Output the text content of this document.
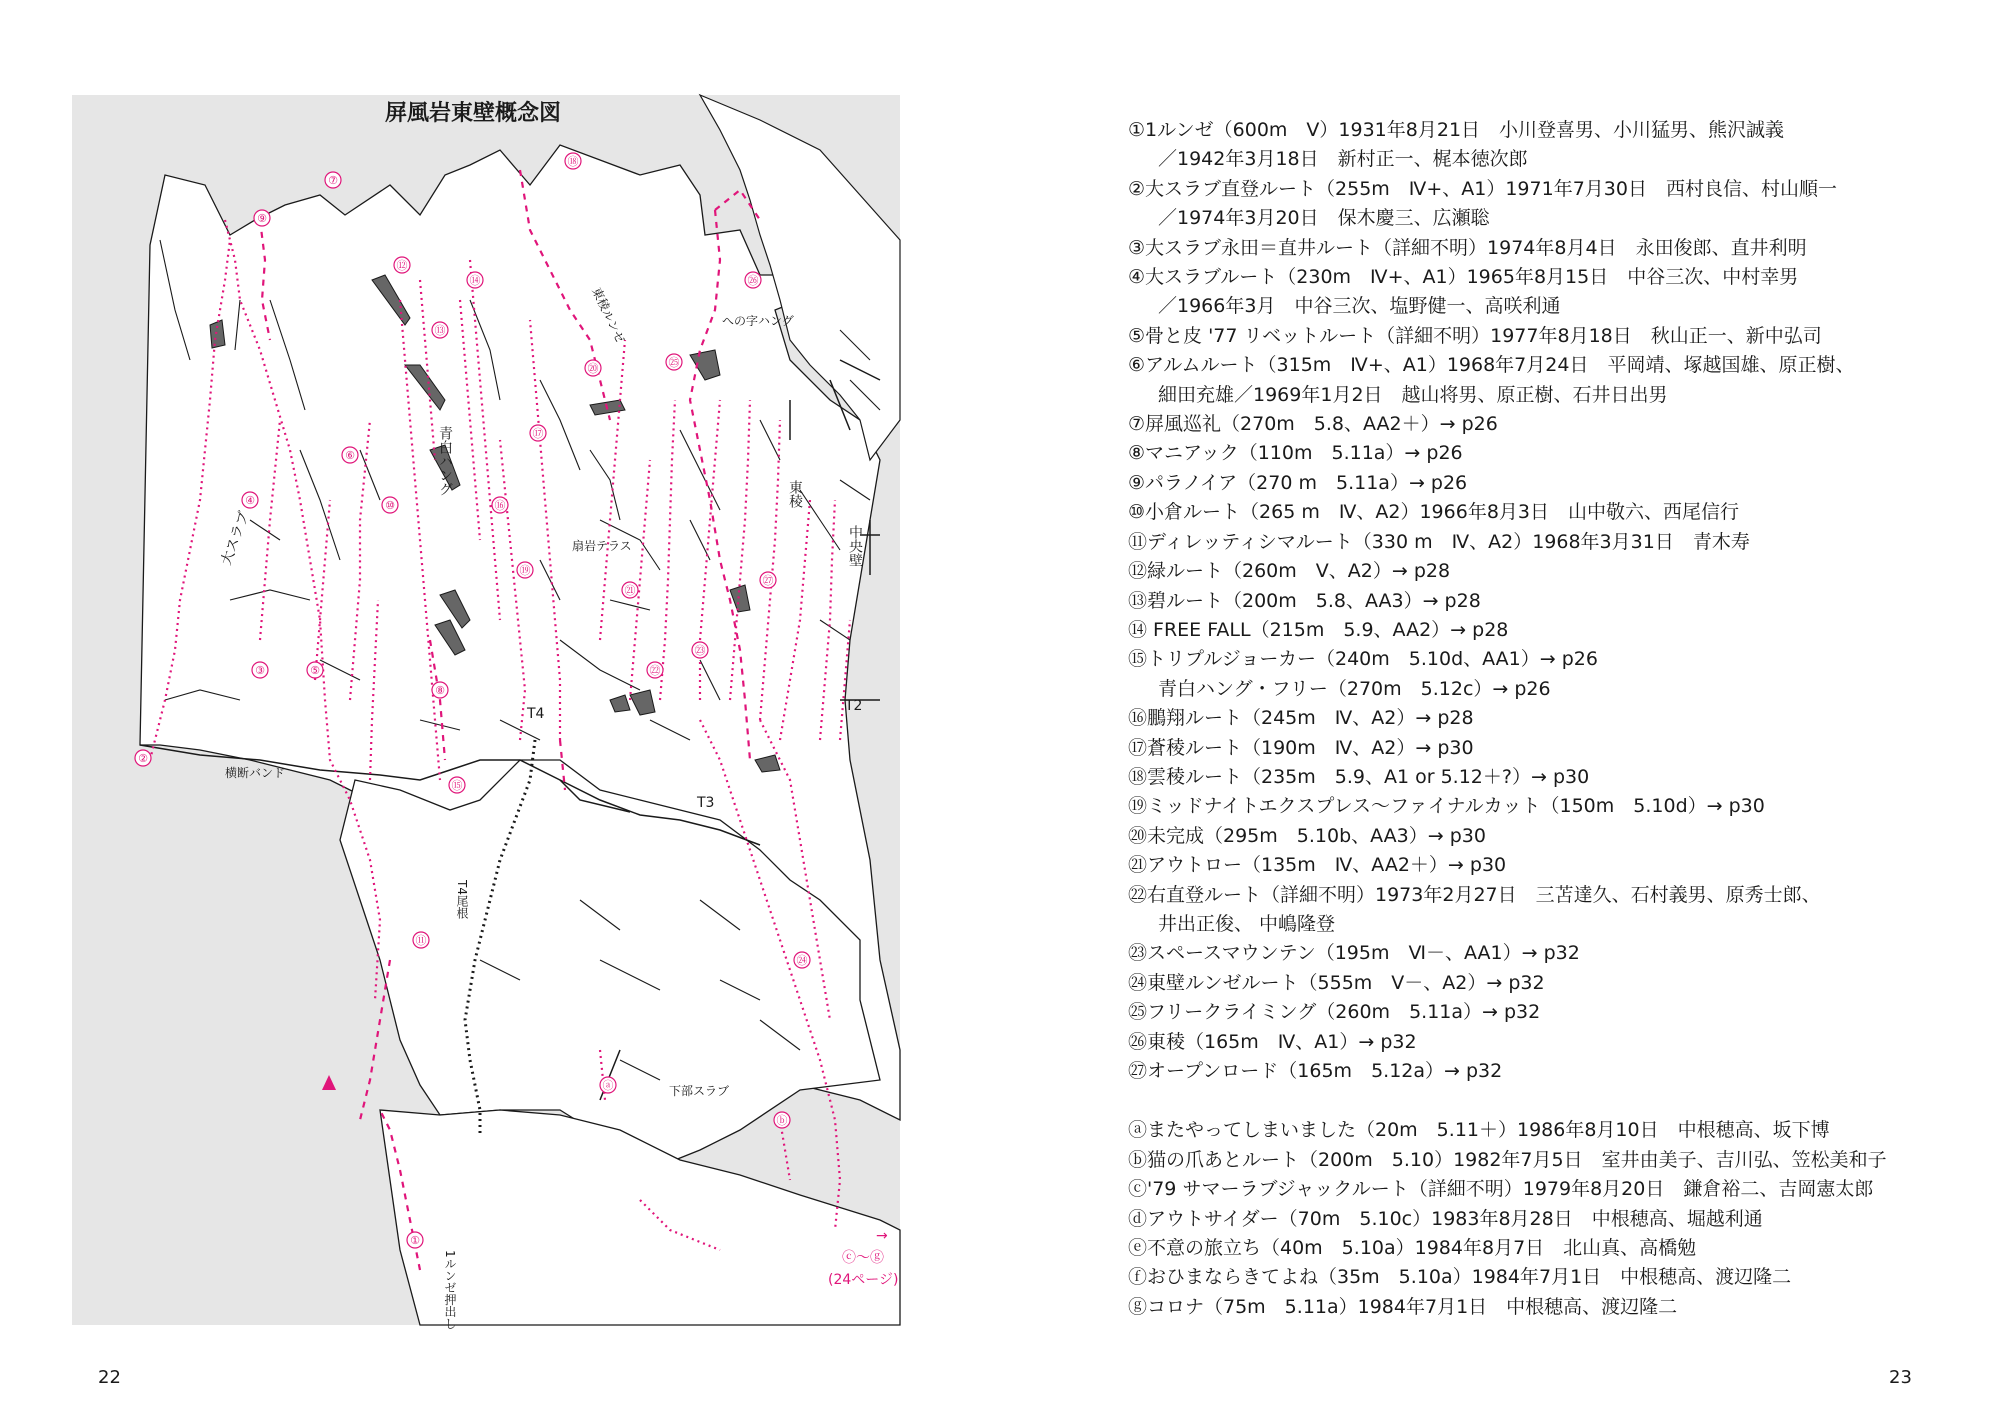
①
②
③
④
⑤
⑥
⑦
⑧
⑨
⑩
⑪
⑫
⑬
⑭
⑮
⑯
⑰
⑱
⑲
⑳
㉑
㉒
㉓
㉔
㉕
㉖
㉗
ⓐ
ⓑ
屏風岩東壁概念図
大スラブ
青白ハング
扇岩テラス
東稜
中央壁
東稜ルンゼ	への字ハング
横断バンド
T4
T4尾根
T3
T2
下部スラブ
1ルンゼ押出し
→
ⓒ～ⓖ
(24ページ)
22
①1ルンゼ（600m　Ⅴ）1931年8月21日　小川登喜男、小川猛男、熊沢誠義
／1942年3月18日　新村正一、梶本徳次郎
②大スラブ直登ルート（255m　Ⅳ+、A1）1971年7月30日　西村良信、村山順一
／1974年3月20日　保木慶三、広瀬聡
③大スラブ永田＝直井ルート（詳細不明）1974年8月4日　永田俊郎、直井利明
④大スラブルート（230m　Ⅳ+、A1）1965年8月15日　中谷三次、中村幸男
／1966年3月　中谷三次、塩野健一、高咲利通
⑤骨と皮 '77 リベットルート（詳細不明）1977年8月18日　秋山正一、新中弘司
⑥アルムルート（315m　Ⅳ+、A1）1968年7月24日　平岡靖、塚越国雄、原正樹、
細田充雄／1969年1月2日　越山将男、原正樹、石井日出男
⑦屏風巡礼（270m　5.8、AA2＋）→ p26
⑧マニアック（110m　5.11a）→ p26
⑨パラノイア（270 m　5.11a）→ p26
⑩小倉ルート（265 m　Ⅳ、A2）1966年8月3日　山中敬六、西尾信行
⑪ディレッティシマルート（330 m　Ⅳ、A2）1968年3月31日　青木寿
⑫緑ルート（260m　Ⅴ、A2）→ p28
⑬碧ルート（200m　5.8、AA3）→ p28
⑭ FREE FALL（215m　5.9、AA2）→ p28
⑮トリプルジョーカー（240m　5.10d、AA1）→ p26
青白ハング・フリー（270m　5.12c）→ p26
⑯鵬翔ルート（245m　Ⅳ、A2）→ p28
⑰蒼稜ルート（190m　Ⅳ、A2）→ p30
⑱雲稜ルート（235m　5.9、A1 or 5.12＋?）→ p30
⑲ミッドナイトエクスプレス～ファイナルカット（150m　5.10d）→ p30
⑳未完成（295m　5.10b、AA3）→ p30
㉑アウトロー（135m　Ⅳ、AA2＋）→ p30
㉒右直登ルート（詳細不明）1973年2月27日　三苫達久、石村義男、原秀士郎、
井出正俊、 中嶋隆登
㉓スペースマウンテン（195m　Ⅵ－、AA1）→ p32
㉔東壁ルンゼルート（555m　Ⅴ－、A2）→ p32
㉕フリークライミング（260m　5.11a）→ p32
㉖東稜（165m　Ⅳ、A1）→ p32
㉗オープンロード（165m　5.12a）→ p32
ⓐまたやってしまいました（20m　5.11＋）1986年8月10日　中根穂高、坂下博
ⓑ猫の爪あとルート（200m　5.10）1982年7月5日　室井由美子、吉川弘、笠松美和子
ⓒ'79 サマーラブジャックルート（詳細不明）1979年8月20日　鎌倉裕二、吉岡憲太郎
ⓓアウトサイダー（70m　5.10c）1983年8月28日　中根穂高、堀越利通
ⓔ不意の旅立ち（40m　5.10a）1984年8月7日　北山真、高橋勉
ⓕおひまならきてよね（35m　5.10a）1984年7月1日　中根穂高、渡辺隆二
ⓖコロナ（75m　5.11a）1984年7月1日　中根穂高、渡辺隆二
23
